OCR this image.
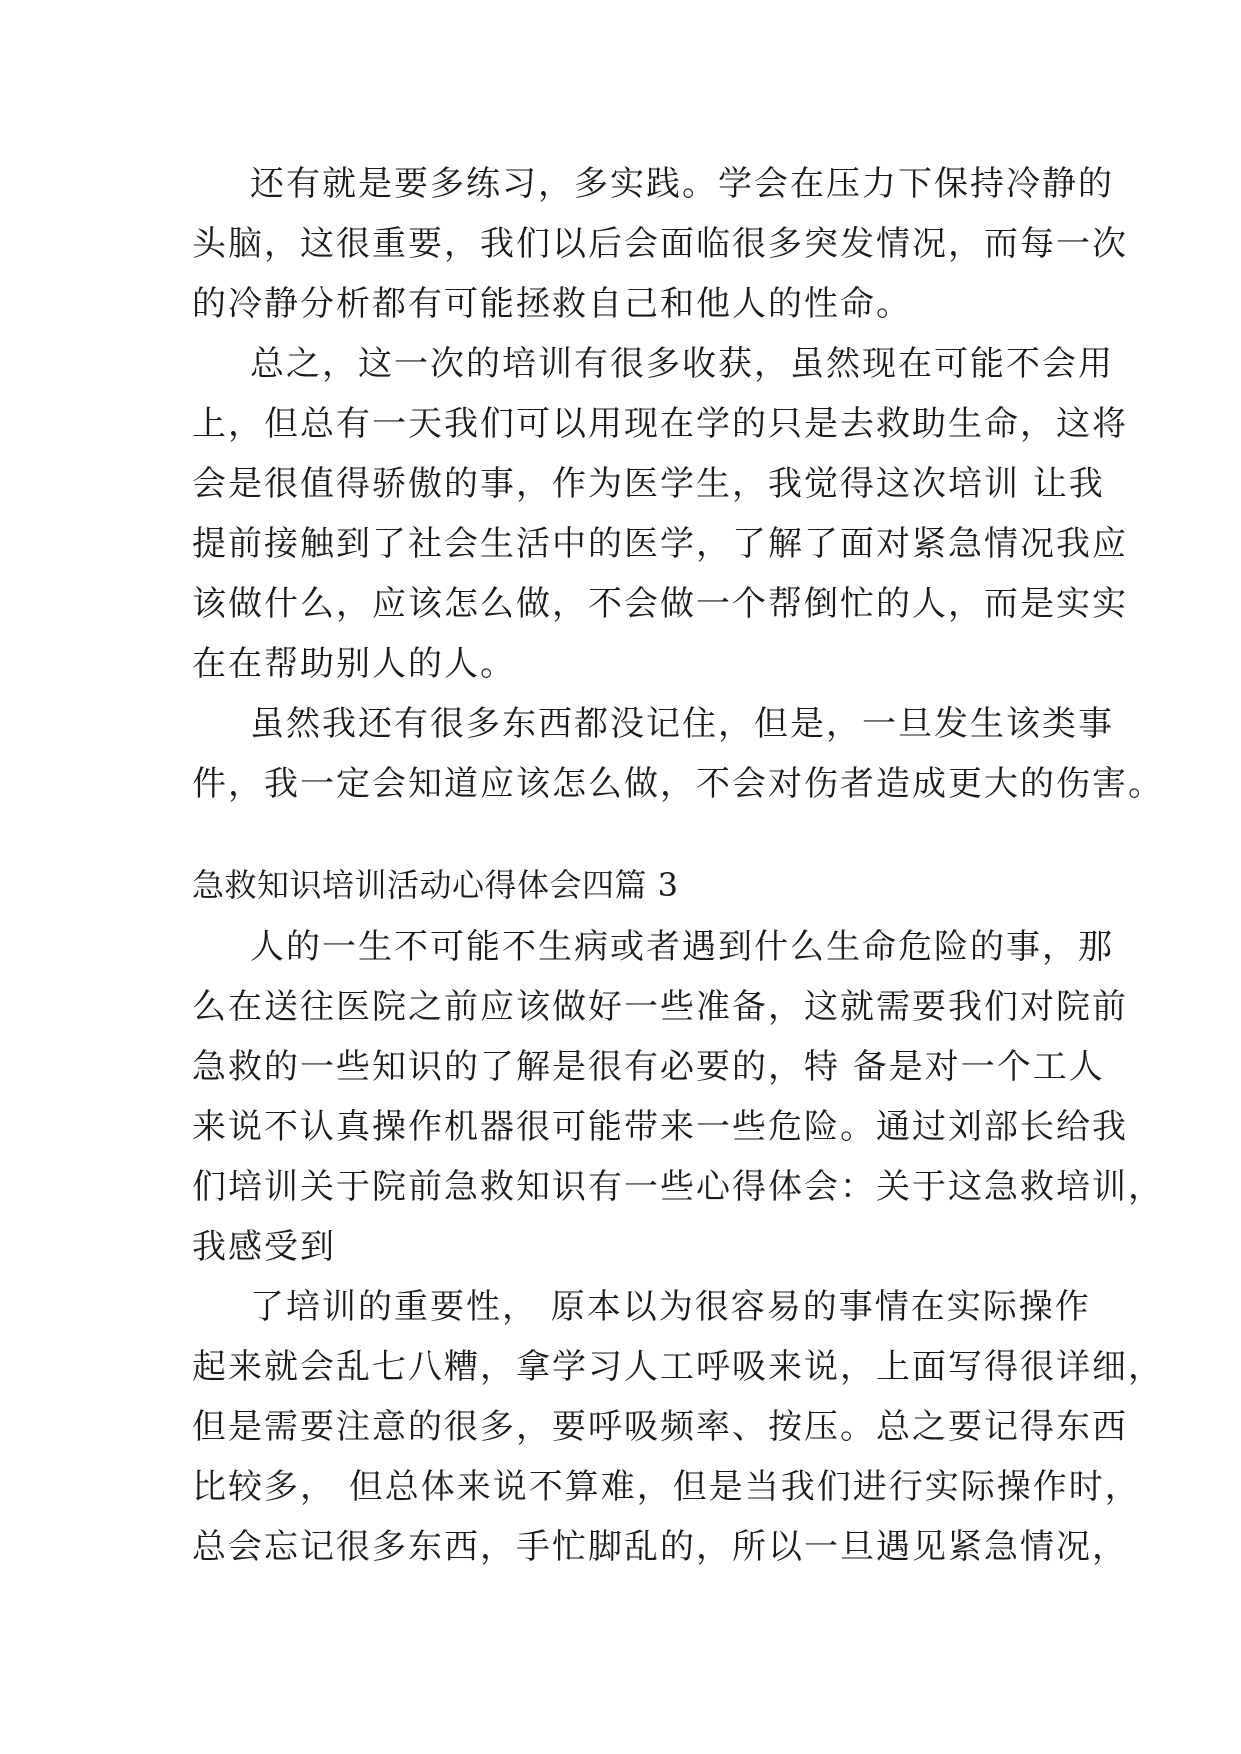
还有就是要多练习，多实践。学会在压力下保持冷静的
头脑，这很重要，我们以后会面临很多突发情况，而每一次
的冷静分析都有可能拯救自己和他人的性命。
总之，这一次的培训有很多收获，虽然现在可能不会用
上，但总有一天我们可以用现在学的只是去救助生命，这将
会是很值得骄傲的事，作为医学生，我觉得这次培训 让我
提前接触到了社会生活中的医学，了解了面对紧急情况我应
该做什么，应该怎么做，不会做一个帮倒忙的人，而是实实
在在帮助别人的人。
虽然我还有很多东西都没记住，但是，一旦发生该类事
件，我一定会知道应该怎么做，不会对伤者造成更大的伤害。
急救知识培训活动心得体会四篇 3
人的一生不可能不生病或者遇到什么生命危险的事，那
么在送往医院之前应该做好一些准备，这就需要我们对院前
急救的一些知识的了解是很有必要的，特 备是对一个工人
来说不认真操作机器很可能带来一些危险。通过刘部长给我
们培训关于院前急救知识有一些心得体会：关于这急救培训，
我感受到
了培训的重要性， 原本以为很容易的事情在实际操作
起来就会乱七八糟，拿学习人工呼吸来说，上面写得很详细，
但是需要注意的很多，要呼吸频率、按压。总之要记得东西
比较多， 但总体来说不算难，但是当我们进行实际操作时，
总会忘记很多东西，手忙脚乱的，所以一旦遇见紧急情况，
